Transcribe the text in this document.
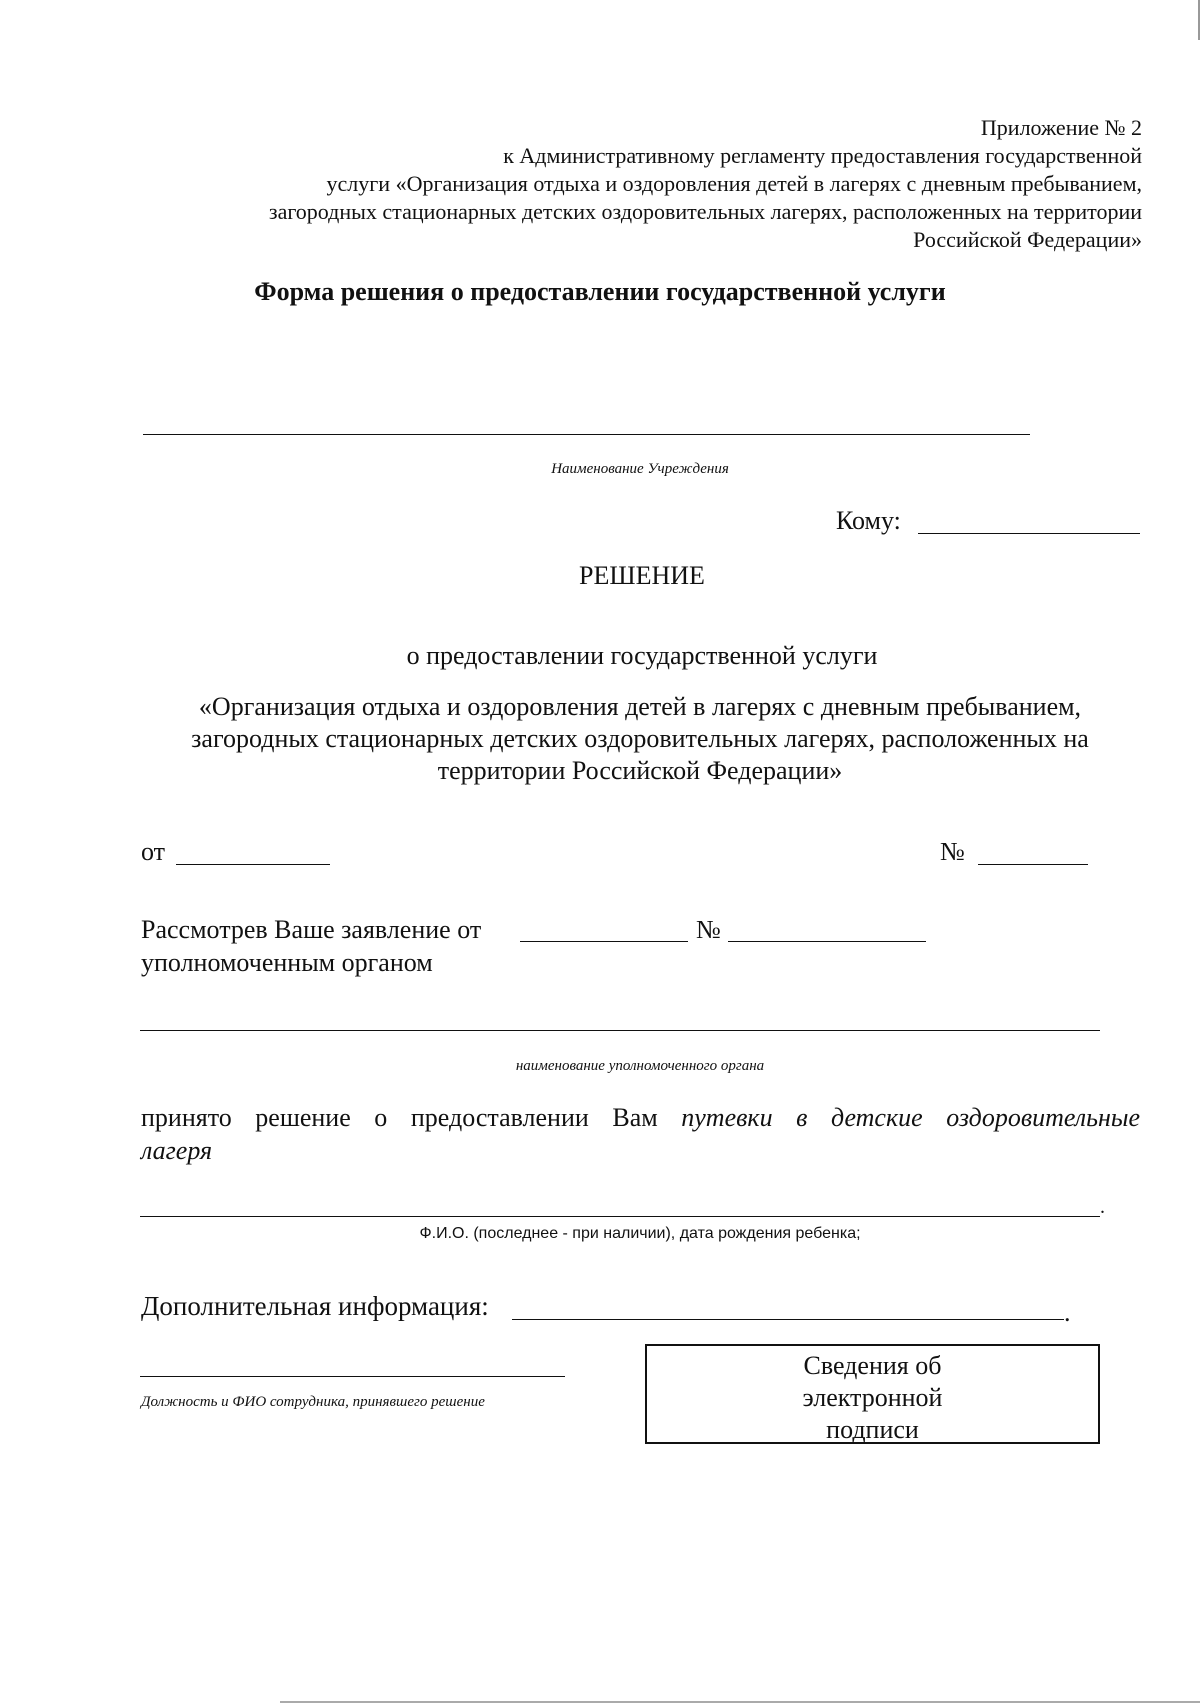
Приложение № 2
к Административному регламенту предоставления государственной
услуги «Организация отдыха и оздоровления детей в лагерях с дневным пребыванием,
загородных стационарных детских оздоровительных лагерях, расположенных на территории
Российской Федерации»
Форма решения о предоставлении государственной услуги
Наименование Учреждения
Кому:
РЕШЕНИЕ
о предоставлении государственной услуги
«Организация отдыха и оздоровления детей в лагерях с дневным пребыванием,
загородных стационарных детских оздоровительных лагерях, расположенных на
территории Российской Федерации»
от	№
Рассмотрев Ваше заявление от	№
уполномоченным органом
наименование уполномоченного органа
принято решение о предоставлении Вам путевки в детские оздоровительные
лагеря
.
Ф.И.О. (последнее - при наличии), дата рождения ребенка;
Дополнительная информация:	.
Должность и ФИО сотрудника, принявшего решение
Сведения об
электронной
подписи
